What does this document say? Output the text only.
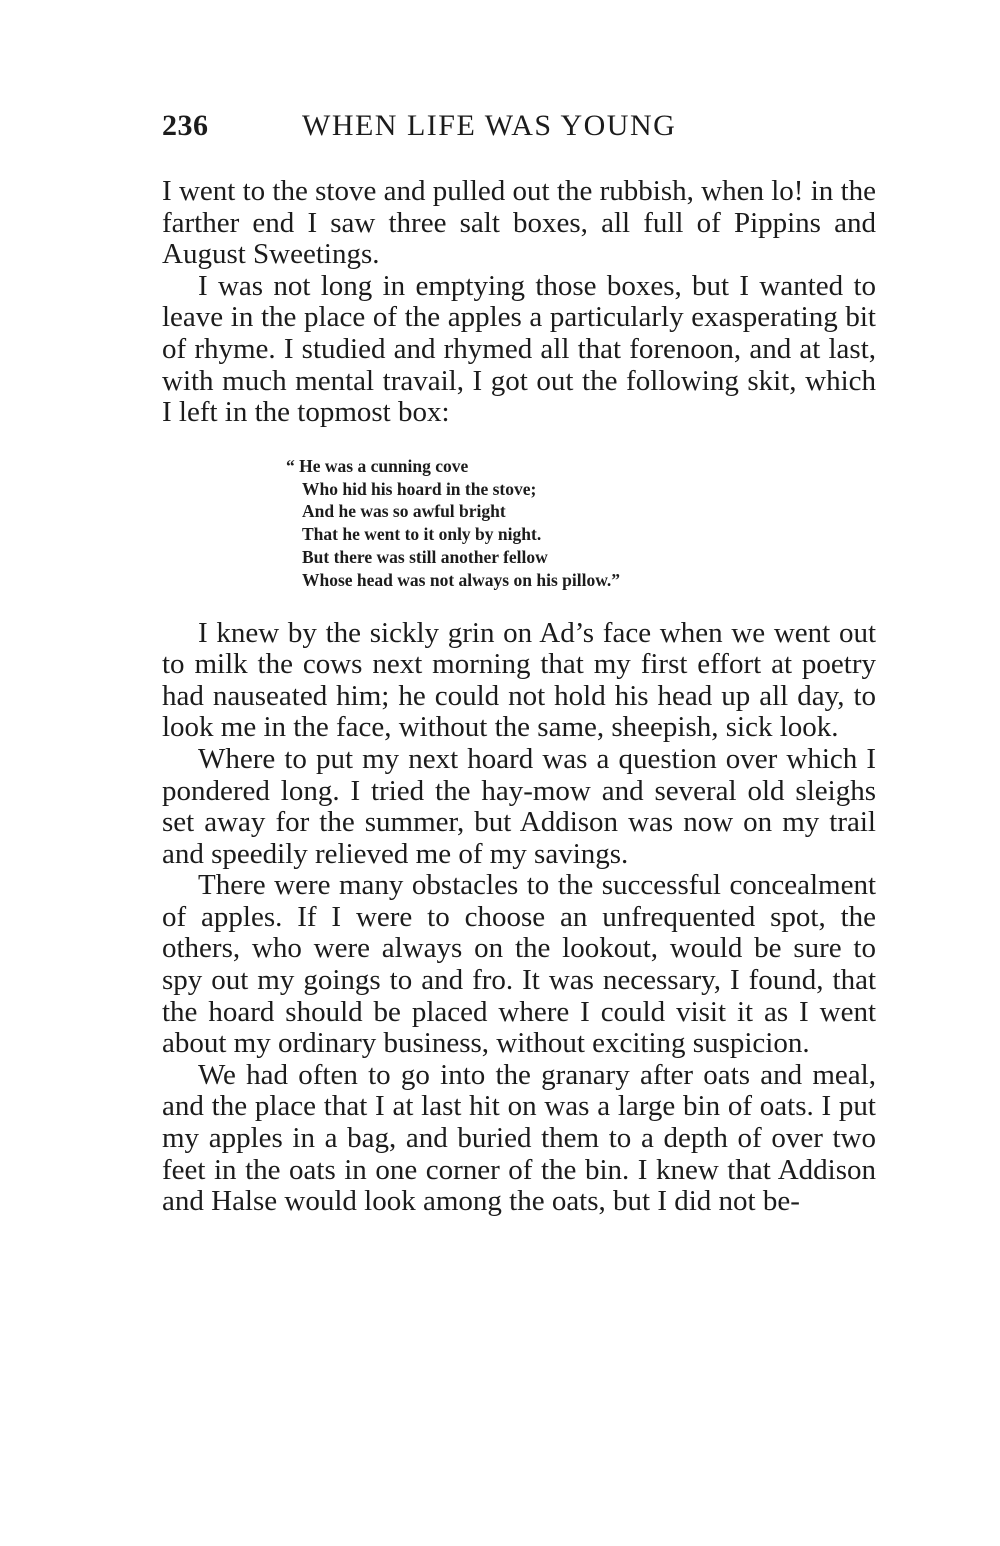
236	WHEN LIFE WAS YOUNG

I went to the stove and pulled out the rubbish, when lo! in the farther end I saw three salt boxes, all full of Pippins and August Sweetings.

I was not long in emptying those boxes, but I wanted to leave in the place of the apples a particularly exasperating bit of rhyme. I studied and rhymed all that forenoon, and at last, with much mental travail, I got out the following skit, which I left in the topmost box:

“ He was a cunning cove
Who hid his hoard in the stove;
And he was so awful bright
That he went to it only by night.
But there was still another fellow
Whose head was not always on his pillow.”

I knew by the sickly grin on Ad’s face when we went out to milk the cows next morning that my first effort at poetry had nauseated him; he could not hold his head up all day, to look me in the face, without the same, sheepish, sick look.

Where to put my next hoard was a question over which I pondered long. I tried the hay-mow and several old sleighs set away for the summer, but Addison was now on my trail and speedily relieved me of my savings.

There were many obstacles to the successful concealment of apples. If I were to choose an unfrequented spot, the others, who were always on the lookout, would be sure to spy out my goings to and fro. It was necessary, I found, that the hoard should be placed where I could visit it as I went about my ordinary business, without exciting suspicion.

We had often to go into the granary after oats and meal, and the place that I at last hit on was a large bin of oats. I put my apples in a bag, and buried them to a depth of over two feet in the oats in one corner of the bin. I knew that Addison and Halse would look among the oats, but I did not be-
